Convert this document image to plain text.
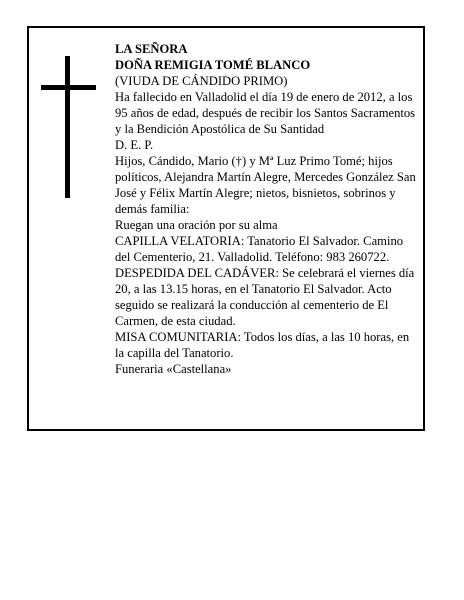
LA SEÑORA

DOÑA REMIGIA TOMÉ BLANCO

(VIUDA DE CÁNDIDO PRIMO)

Ha fallecido en Valladolid el día 19 de enero de 2012, a los 95 años de edad, después de recibir los Santos Sacramentos y la Bendición Apostólica de Su Santidad

D. E. P.

Hijos, Cándido, Mario (†) y Mª Luz Primo Tomé; hijos políticos, Alejandra Martín Alegre, Mercedes González San José y Félix Martín Alegre; nietos, bisnietos, sobrinos y demás familia:

Ruegan una oración por su alma

CAPILLA VELATORIA: Tanatorio El Salvador. Camino del Cementerio, 21. Valladolid. Teléfono: 983 260722.

DESPEDIDA DEL CADÁVER: Se celebrará el viernes día 20, a las 13.15 horas, en el Tanatorio El Salvador. Acto seguido se realizará la conducción al cementerio de El Carmen, de esta ciudad.

MISA COMUNITARIA: Todos los días, a las 10 horas, en la capilla del Tanatorio.

Funeraria «Castellana»
